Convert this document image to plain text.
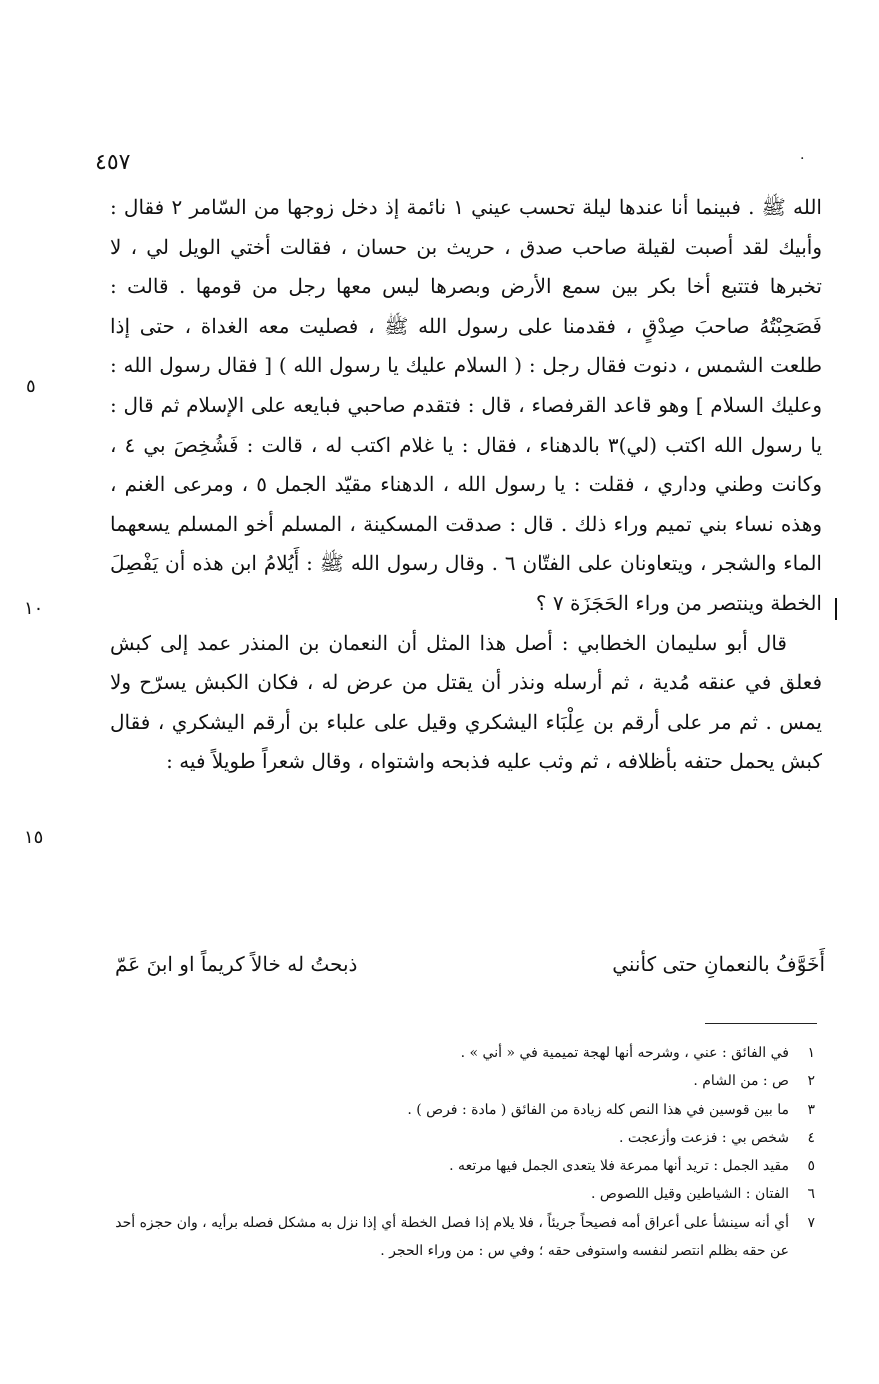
.
٤٥٧

الله ﷺ . فبينما أنا عندها ليلة تحسب عيني ١ نائمة إذ دخل زوجها من السّامر ٢ فقال : وأبيك لقد أصبت لقيلة صاحب صدق ، حريث بن حسان ، فقالت أختي الويل لي ، لا تخبرها فتتبع أخا بكر بين سمع الأرض وبصرها ليس معها رجل من قومها . قالت : فَصَحِبْتُهُ صاحبَ صِدْقٍ ، فقدمنا على رسول الله ﷺ ، فصليت معه الغداة ، حتى إذا طلعت الشمس ، دنوت فقال رجل : ( السلام عليك يا رسول الله ) [ فقال رسول الله : وعليك السلام ] وهو قاعد القرفصاء ، قال : فتقدم صاحبي فبايعه على الإسلام ثم قال : يا رسول الله اكتب (لي)٣ بالدهناء ، فقال : يا غلام اكتب له ، قالت : فَشُخِصَ بي ٤ ، وكانت وطني وداري ، فقلت : يا رسول الله ، الدهناء مقيّد الجمل ٥ ، ومرعى الغنم ، وهذه نساء بني تميم وراء ذلك . قال : صدقت المسكينة ، المسلم أخو المسلم يسعهما الماء والشجر ، ويتعاونان على الفتّان ٦ . وقال رسول الله ﷺ : أَيُلامُ ابن هذه أن يَفْصِلَ الخطة وينتصر من وراء الحَجَزَة ٧ ؟

قال أبو سليمان الخطابي : أصل هذا المثل أن النعمان بن المنذر عمد إلى كبش فعلق في عنقه مُدية ، ثم أرسله ونذر أن يقتل من عرض له ، فكان الكبش يسرّح ولا يمس . ثم مر على أرقم بن عِلْبَاء اليشكري وقيل على علباء بن أرقم اليشكري ، فقال كبش يحمل حتفه بأظلافه ، ثم وثب عليه فذبحه واشتواه ، وقال شعراً طويلاً فيه :

٥
١٠
١٥
أَخَوَّفُ بالنعمانِ حتى كأنني
ذبحتُ له خالاً كريماً او ابنَ عَمّ

١
في الفائق : عني ، وشرحه أنها لهجة تميمية في « أني » .

٢
ص : من الشام .

٣
ما بين قوسين في هذا النص كله زيادة من الفائق ( مادة : فرص ) .

٤
شخص بي : فزعت وأزعجت .

٥
مقيد الجمل : تريد أنها ممرعة فلا يتعدى الجمل فيها مرتعه .

٦
الفتان : الشياطين وقيل اللصوص .

٧
أي أنه سينشأ على أعراق أمه فصيحاً جريئاً ، فلا يلام إذا فصل الخطة أي إذا نزل به مشكل فصله برأيه ، وان حجزه أحد عن حقه بظلم انتصر لنفسه واستوفى حقه ؛ وفي س : من وراء الحجر .
